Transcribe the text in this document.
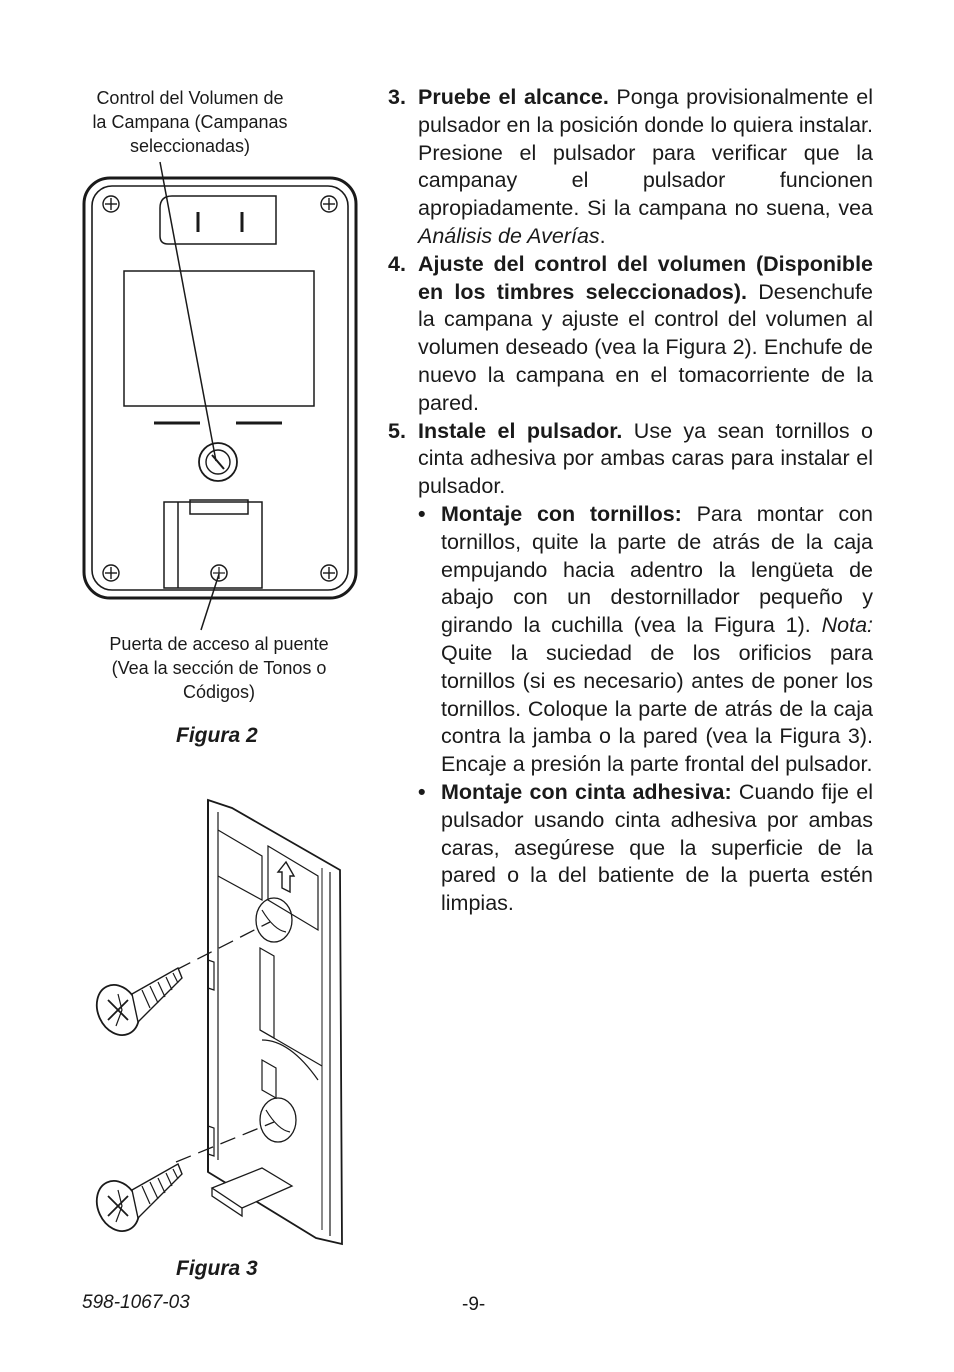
Control del Volumen de
la Campana (Campanas
seleccionadas)
Puerta de acceso al puente
(Vea la sección de Tonos o
Códigos)
Figura 2
Figura 3
3. Pruebe el alcance. Ponga provisionalmente el pulsador en la posición donde lo quiera instalar. Presione el pulsador para verificar que la campanay el pulsador funcionen apropiadamente. Si la campana no suena, vea Análisis de Averías.
4. Ajuste del control del volumen (Disponible en los timbres seleccionados). Desenchufe la campana y ajuste el control del volumen al volumen deseado (vea la Figura 2). Enchufe de nuevo la campana en el tomacorriente de la pared.
5. Instale el pulsador. Use ya sean tornillos o cinta adhesiva por ambas caras para instalar el pulsador.
• Montaje con tornillos: Para montar con tornillos, quite la parte de atrás de la caja empujando hacia adentro la lengüeta de abajo con un destornillador pequeño y girando la cuchilla (vea la Figura 1). Nota: Quite la suciedad de los orificios para tornillos (si es necesario) antes de poner los tornillos. Coloque la parte de atrás de la caja contra la jamba o la pared (vea la Figura 3). Encaje a presión la parte frontal del pulsador.
• Montaje con cinta adhesiva: Cuando fije el pulsador usando cinta adhesiva por ambas caras, asegúrese que la superficie de la pared o la del batiente de la puerta estén limpias.
598-1067-03	-9-
